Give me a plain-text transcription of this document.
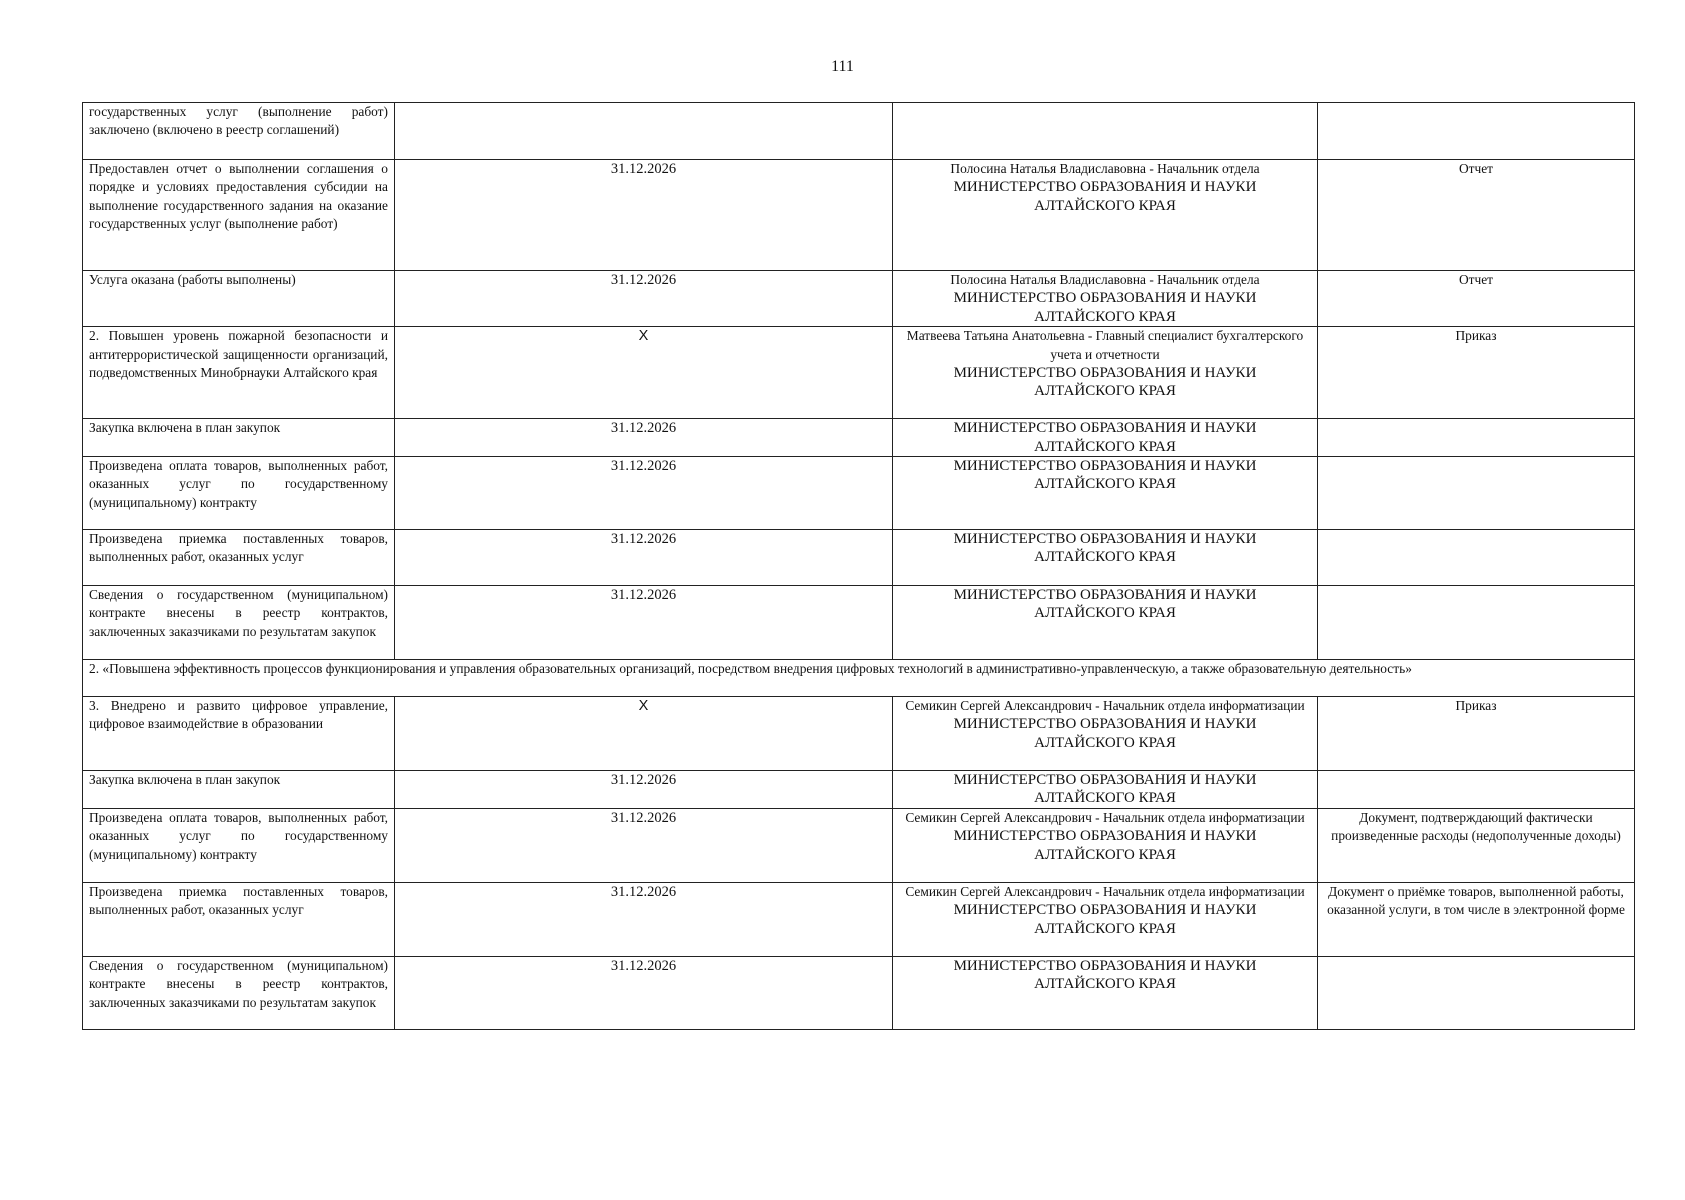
111
государственных услуг (выполнение работ) заключено (включено в реестр соглашений)		

Предоставлен отчет о выполнении соглашения о порядке и условиях предоставления субсидии на выполнение государственного задания на оказание государственных услуг (выполнение работ)	31.12.2026	Полосина Наталья Владиславовна - Начальник отдела
МИНИСТЕРСТВО ОБРАЗОВАНИЯ И НАУКИ
АЛТАЙСКОГО КРАЯ	Отчет
Услуга оказана (работы выполнены)	31.12.2026	Полосина Наталья Владиславовна - Начальник отдела
МИНИСТЕРСТВО ОБРАЗОВАНИЯ И НАУКИ
АЛТАЙСКОГО КРАЯ	Отчет
2. Повышен уровень пожарной безопасности и антитеррористической защищенности организаций, подведомственных Минобрнауки Алтайского края	X	Матвеева Татьяна Анатольевна - Главный специалист бухгалтерского учета и отчетности
МИНИСТЕРСТВО ОБРАЗОВАНИЯ И НАУКИ
АЛТАЙСКОГО КРАЯ	Приказ
Закупка включена в план закупок	31.12.2026	МИНИСТЕРСТВО ОБРАЗОВАНИЯ И НАУКИ
АЛТАЙСКОГО КРАЯ	

Произведена оплата товаров, выполненных работ, оказанных услуг по государственному (муниципальному) контракту	31.12.2026	МИНИСТЕРСТВО ОБРАЗОВАНИЯ И НАУКИ
АЛТАЙСКОГО КРАЯ	

Произведена приемка поставленных товаров, выполненных работ, оказанных услуг	31.12.2026	МИНИСТЕРСТВО ОБРАЗОВАНИЯ И НАУКИ
АЛТАЙСКОГО КРАЯ	

Сведения о государственном (муниципальном) контракте внесены в реестр контрактов, заключенных заказчиками по результатам закупок	31.12.2026	МИНИСТЕРСТВО ОБРАЗОВАНИЯ И НАУКИ
АЛТАЙСКОГО КРАЯ	

2. «Повышена эффективность процессов функционирования и управления образовательных организаций, посредством внедрения цифровых технологий в административно-управленческую, а также образовательную деятельность»			
3. Внедрено и развито цифровое управление, цифровое взаимодействие в образовании	X	Семикин Сергей Александрович - Начальник отдела информатизации
МИНИСТЕРСТВО ОБРАЗОВАНИЯ И НАУКИ
АЛТАЙСКОГО КРАЯ	Приказ
Закупка включена в план закупок	31.12.2026	МИНИСТЕРСТВО ОБРАЗОВАНИЯ И НАУКИ
АЛТАЙСКОГО КРАЯ	

Произведена оплата товаров, выполненных работ, оказанных услуг по государственному (муниципальному) контракту	31.12.2026	Семикин Сергей Александрович - Начальник отдела информатизации
МИНИСТЕРСТВО ОБРАЗОВАНИЯ И НАУКИ
АЛТАЙСКОГО КРАЯ	Документ, подтверждающий фактически произведенные расходы (недополученные доходы)
Произведена приемка поставленных товаров, выполненных работ, оказанных услуг	31.12.2026	Семикин Сергей Александрович - Начальник отдела информатизации
МИНИСТЕРСТВО ОБРАЗОВАНИЯ И НАУКИ
АЛТАЙСКОГО КРАЯ	Документ о приёмке товаров, выполненной работы, оказанной услуги, в том числе в электронной форме
Сведения о государственном (муниципальном) контракте внесены в реестр контрактов, заключенных заказчиками по результатам закупок	31.12.2026	МИНИСТЕРСТВО ОБРАЗОВАНИЯ И НАУКИ
АЛТАЙСКОГО КРАЯ	
